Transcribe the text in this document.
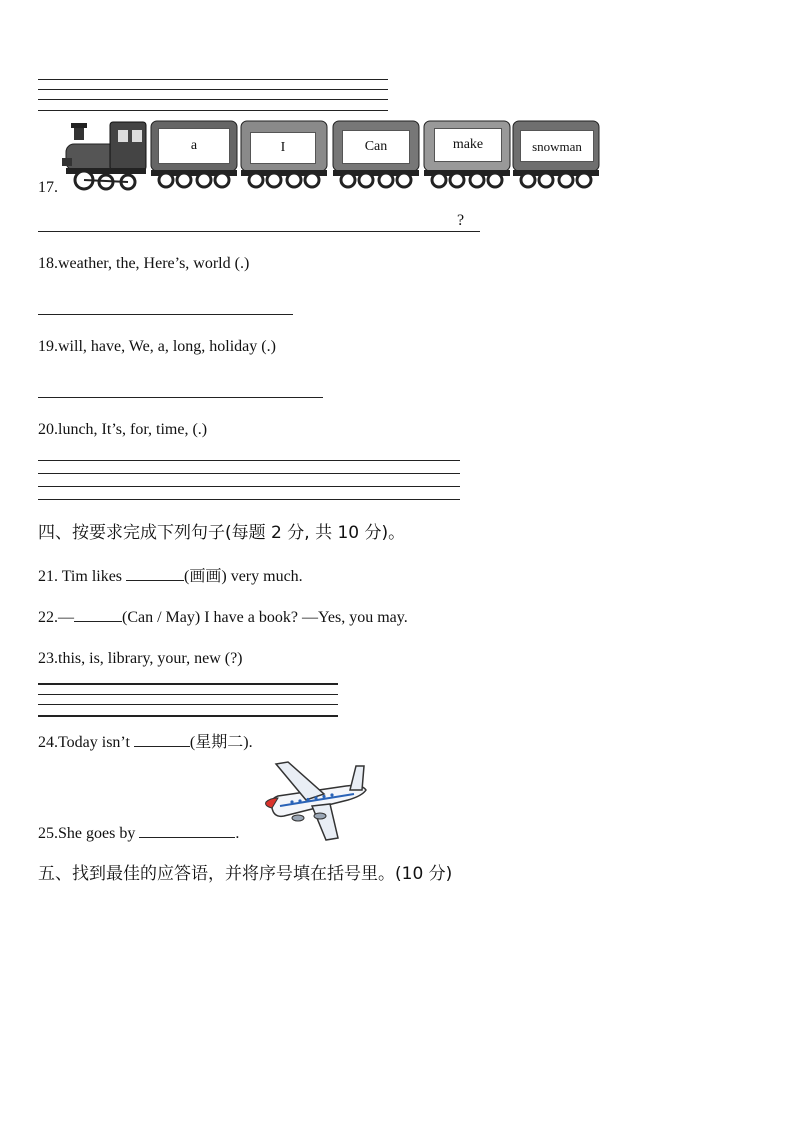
17.
a	I	Can	make	snowman
?
18.weather, the, Here’s, world (.)
19.will, have, We, a, long, holiday (.)
20.lunch, It’s, for, time, (.)
四、按要求完成下列句子(每题 2 分, 共 10 分)。
21. Tim likes	(画画) very much.
22.—	(Can / May) I have a book? —Yes, you may.
23.this, is, library, your, new (?)
24.Today isn’t	(星期二).
25.She goes by	.
五、找到最佳的应答语，并将序号填在括号里。(10 分)
